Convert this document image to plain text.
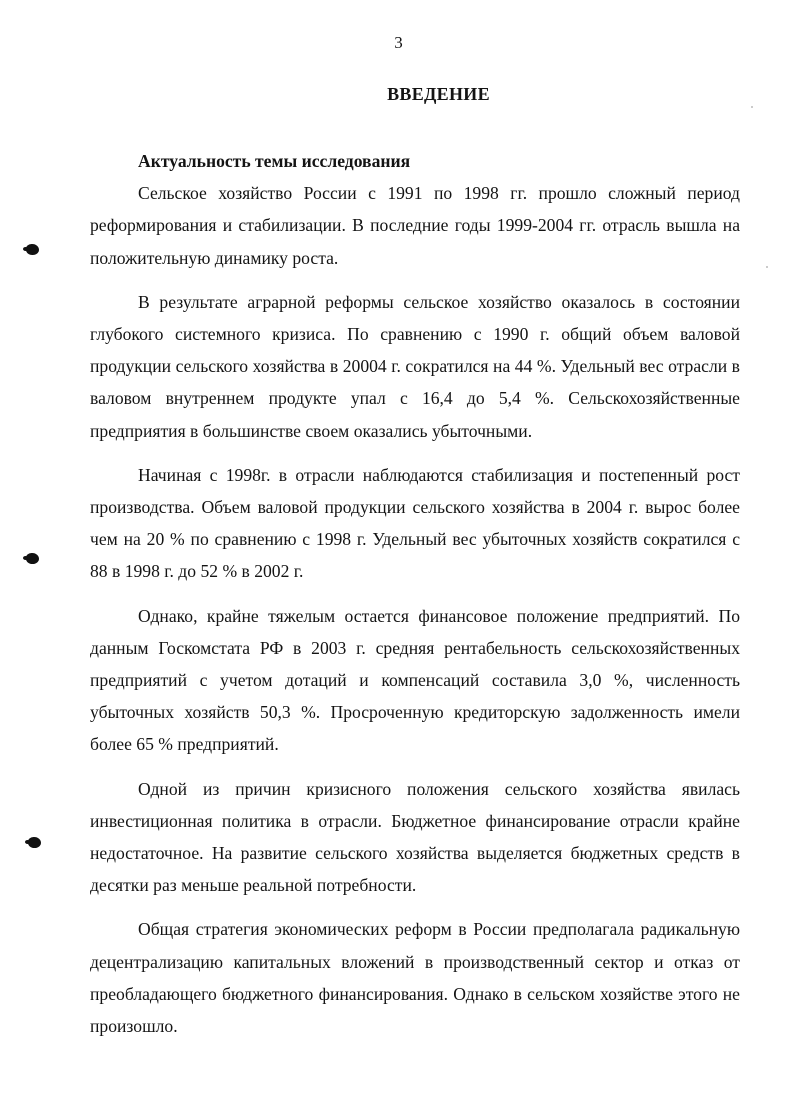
3
ВВЕДЕНИЕ

Актуальность темы исследования

Сельское хозяйство России с 1991 по 1998 гг. прошло сложный период реформирования и стабилизации. В последние годы 1999-2004 гг. отрасль вышла на положительную динамику роста.

В результате аграрной реформы сельское хозяйство оказалось в состоянии глубокого системного кризиса. По сравнению с 1990 г. общий объем валовой продукции сельского хозяйства в 20004 г. сократился на 44 %. Удельный вес отрасли в валовом внутреннем продукте упал с 16,4 до 5,4 %. Сельскохозяйственные предприятия в большинстве своем оказались убыточными.

Начиная с 1998г. в отрасли наблюдаются стабилизация и постепенный рост производства. Объем валовой продукции сельского хозяйства в 2004 г. вырос более чем на 20 % по сравнению с 1998 г. Удельный вес убыточных хозяйств сократился с 88 в 1998 г. до 52 % в 2002 г.

Однако, крайне тяжелым остается финансовое положение предприятий. По данным Госкомстата РФ в 2003 г. средняя рентабельность сельскохозяйственных предприятий с учетом дотаций и компенсаций составила 3,0 %, численность убыточных хозяйств 50,3 %. Просроченную кредиторскую задолженность имели более 65 % предприятий.

Одной из причин кризисного положения сельского хозяйства явилась инвестиционная политика в отрасли. Бюджетное финансирование отрасли крайне недостаточное. На развитие сельского хозяйства выделяется бюджетных средств в десятки раз меньше реальной потребности.

Общая стратегия экономических реформ в России предполагала радикальную децентрализацию капитальных вложений в производственный сектор и отказ от преобладающего бюджетного финансирования. Однако в сельском хозяйстве этого не произошло.
